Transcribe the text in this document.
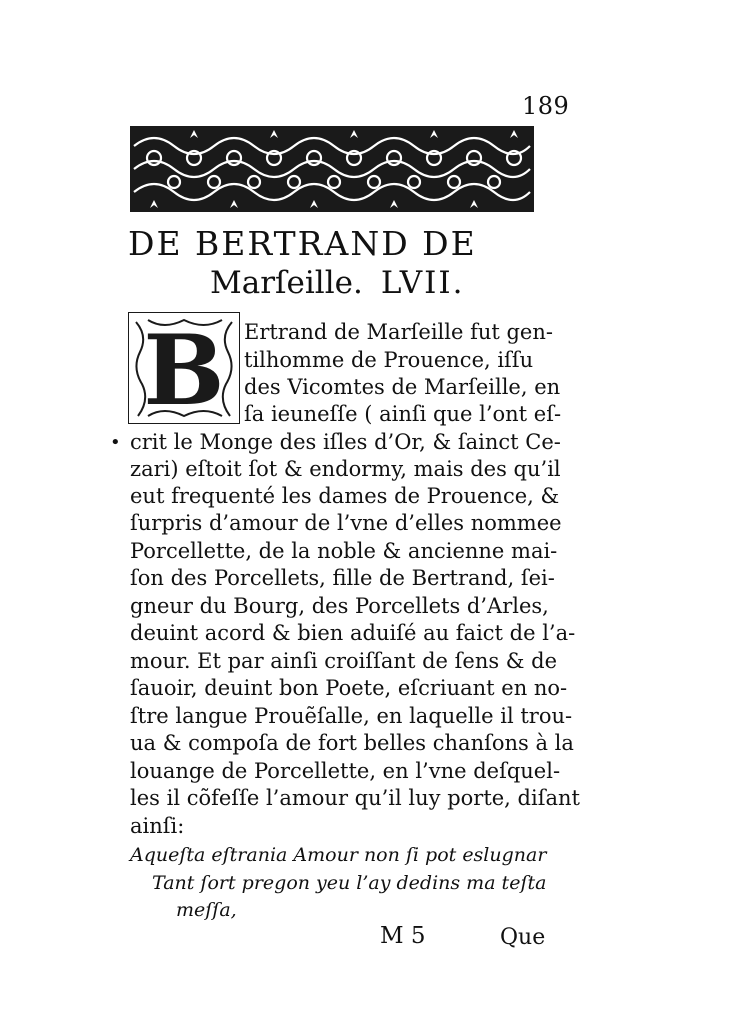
189
DE BERTRAND DE
Marſeille. LVII.
B
•
Ertrand de Marſeille fut gen-
tilhomme de Prouence, iſſu
des Vicomtes de Marſeille, en
ſa ieuneſſe ( ainſi que l’ont eſ-
crit le Monge des iſles d’Or, & ſainct Ce-
zari) eſtoit ſot & endormy, mais des qu’il
eut frequenté les dames de Prouence, &
ſurpris d’amour de l’vne d’elles nommee
Porcellette, de la noble & ancienne mai-
ſon des Porcellets, fille de Bertrand, ſei-
gneur du Bourg, des Porcellets d’Arles,
deuint acord & bien aduiſé au faict de l’a-
mour. Et par ainſi croiſſant de ſens & de
ſauoir, deuint bon Poete, eſcriuant en no-
ſtre langue Prouẽſalle, en laquelle il trou-
ua & compoſa de fort belles chanſons à la
louange de Porcellette, en l’vne deſquel-
les il cõfeſſe l’amour qu’il luy porte, diſant
ainſi:
Aqueſta eſtrania Amour non ſi pot eslugnar
Tant ſort pregon yeu l’ay dedins ma teſta
meſſa,
M 5	Que
